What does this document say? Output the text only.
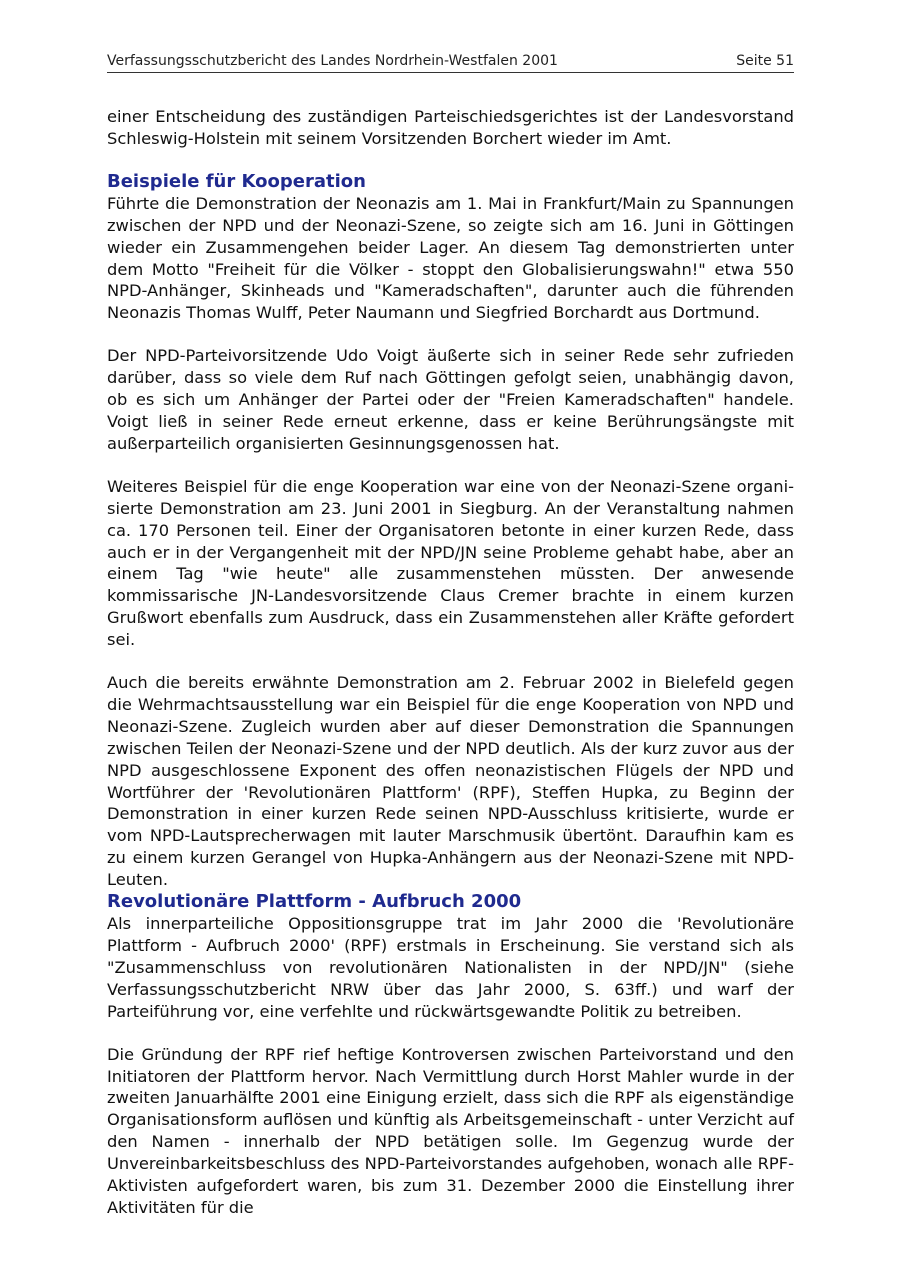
Verfassungsschutzbericht des Landes Nordrhein-Westfalen 2001	Seite 51

einer Entscheidung des zuständigen Parteischiedsgerichtes ist der Landesvorstand Schleswig-Holstein mit seinem Vorsitzenden Borchert wieder im Amt.

Beispiele für Kooperation

Führte die Demonstration der Neonazis am 1. Mai in Frankfurt/Main zu Spannungen zwischen der NPD und der Neonazi-Szene, so zeigte sich am 16. Juni in Göttingen wieder ein Zusammengehen beider Lager. An diesem Tag demonstrierten unter dem Motto "Freiheit für die Völker - stoppt den Globalisierungswahn!" etwa 550 NPD-Anhänger, Skinheads und "Kameradschaften", darunter auch die führenden Neonazis Thomas Wulff, Peter Naumann und Siegfried Borchardt aus Dortmund.

Der NPD-Parteivorsitzende Udo Voigt äußerte sich in seiner Rede sehr zufrieden darüber, dass so viele dem Ruf nach Göttingen gefolgt seien, unabhängig davon, ob es sich um Anhänger der Partei oder der "Freien Kameradschaften" handele. Voigt ließ in seiner Rede erneut erkenne, dass er keine Berührungsängste mit außerparteilich organisierten Gesinnungsgenossen hat.

Weiteres Beispiel für die enge Kooperation war eine von der Neonazi-Szene organisierte Demonstration am 23. Juni 2001 in Siegburg. An der Veranstaltung nahmen ca. 170 Personen teil. Einer der Organisatoren betonte in einer kurzen Rede, dass auch er in der Vergangenheit mit der NPD/JN seine Probleme gehabt habe, aber an einem Tag "wie heute" alle zusammenstehen müssten. Der anwesende kommissarische JN-Landesvorsitzende Claus Cremer brachte in einem kurzen Grußwort ebenfalls zum Ausdruck, dass ein Zusammenstehen aller Kräfte gefordert sei.

Auch die bereits erwähnte Demonstration am 2. Februar 2002 in Bielefeld gegen die Wehrmachtsausstellung war ein Beispiel für die enge Kooperation von NPD und Neonazi-Szene. Zugleich wurden aber auf dieser Demonstration die Spannungen zwischen Teilen der Neonazi-Szene und der NPD deutlich. Als der kurz zuvor aus der NPD ausgeschlossene Exponent des offen neonazistischen Flügels der NPD und Wortführer der 'Revolutionären Plattform' (RPF), Steffen Hupka, zu Beginn der Demonstration in einer kurzen Rede seinen NPD-Ausschluss kritisierte, wurde er vom NPD-Lautsprecherwagen mit lauter Marschmusik übertönt. Daraufhin kam es zu einem kurzen Gerangel von Hupka-Anhängern aus der Neonazi-Szene mit NPD-Leuten.

Revolutionäre Plattform - Aufbruch 2000

Als innerparteiliche Oppositionsgruppe trat im Jahr 2000 die 'Revolutionäre Plattform - Aufbruch 2000' (RPF) erstmals in Erscheinung. Sie verstand sich als "Zusammenschluss von revolutionären Nationalisten in der NPD/JN" (siehe Verfassungsschutzbericht NRW über das Jahr 2000, S. 63ff.) und warf der Parteiführung vor, eine verfehlte und rückwärtsgewandte Politik zu betreiben.

Die Gründung der RPF rief heftige Kontroversen zwischen Parteivorstand und den Initiatoren der Plattform hervor. Nach Vermittlung durch Horst Mahler wurde in der zweiten Januarhälfte 2001 eine Einigung erzielt, dass sich die RPF als eigenständige Organisationsform auflösen und künftig als Arbeitsgemeinschaft - unter Verzicht auf den Namen - innerhalb der NPD betätigen solle. Im Gegenzug wurde der Unvereinbarkeitsbeschluss des NPD-Parteivorstandes aufgehoben, wonach alle RPF-Aktivisten aufgefordert waren, bis zum 31. Dezember 2000 die Einstellung ihrer Aktivitäten für die
